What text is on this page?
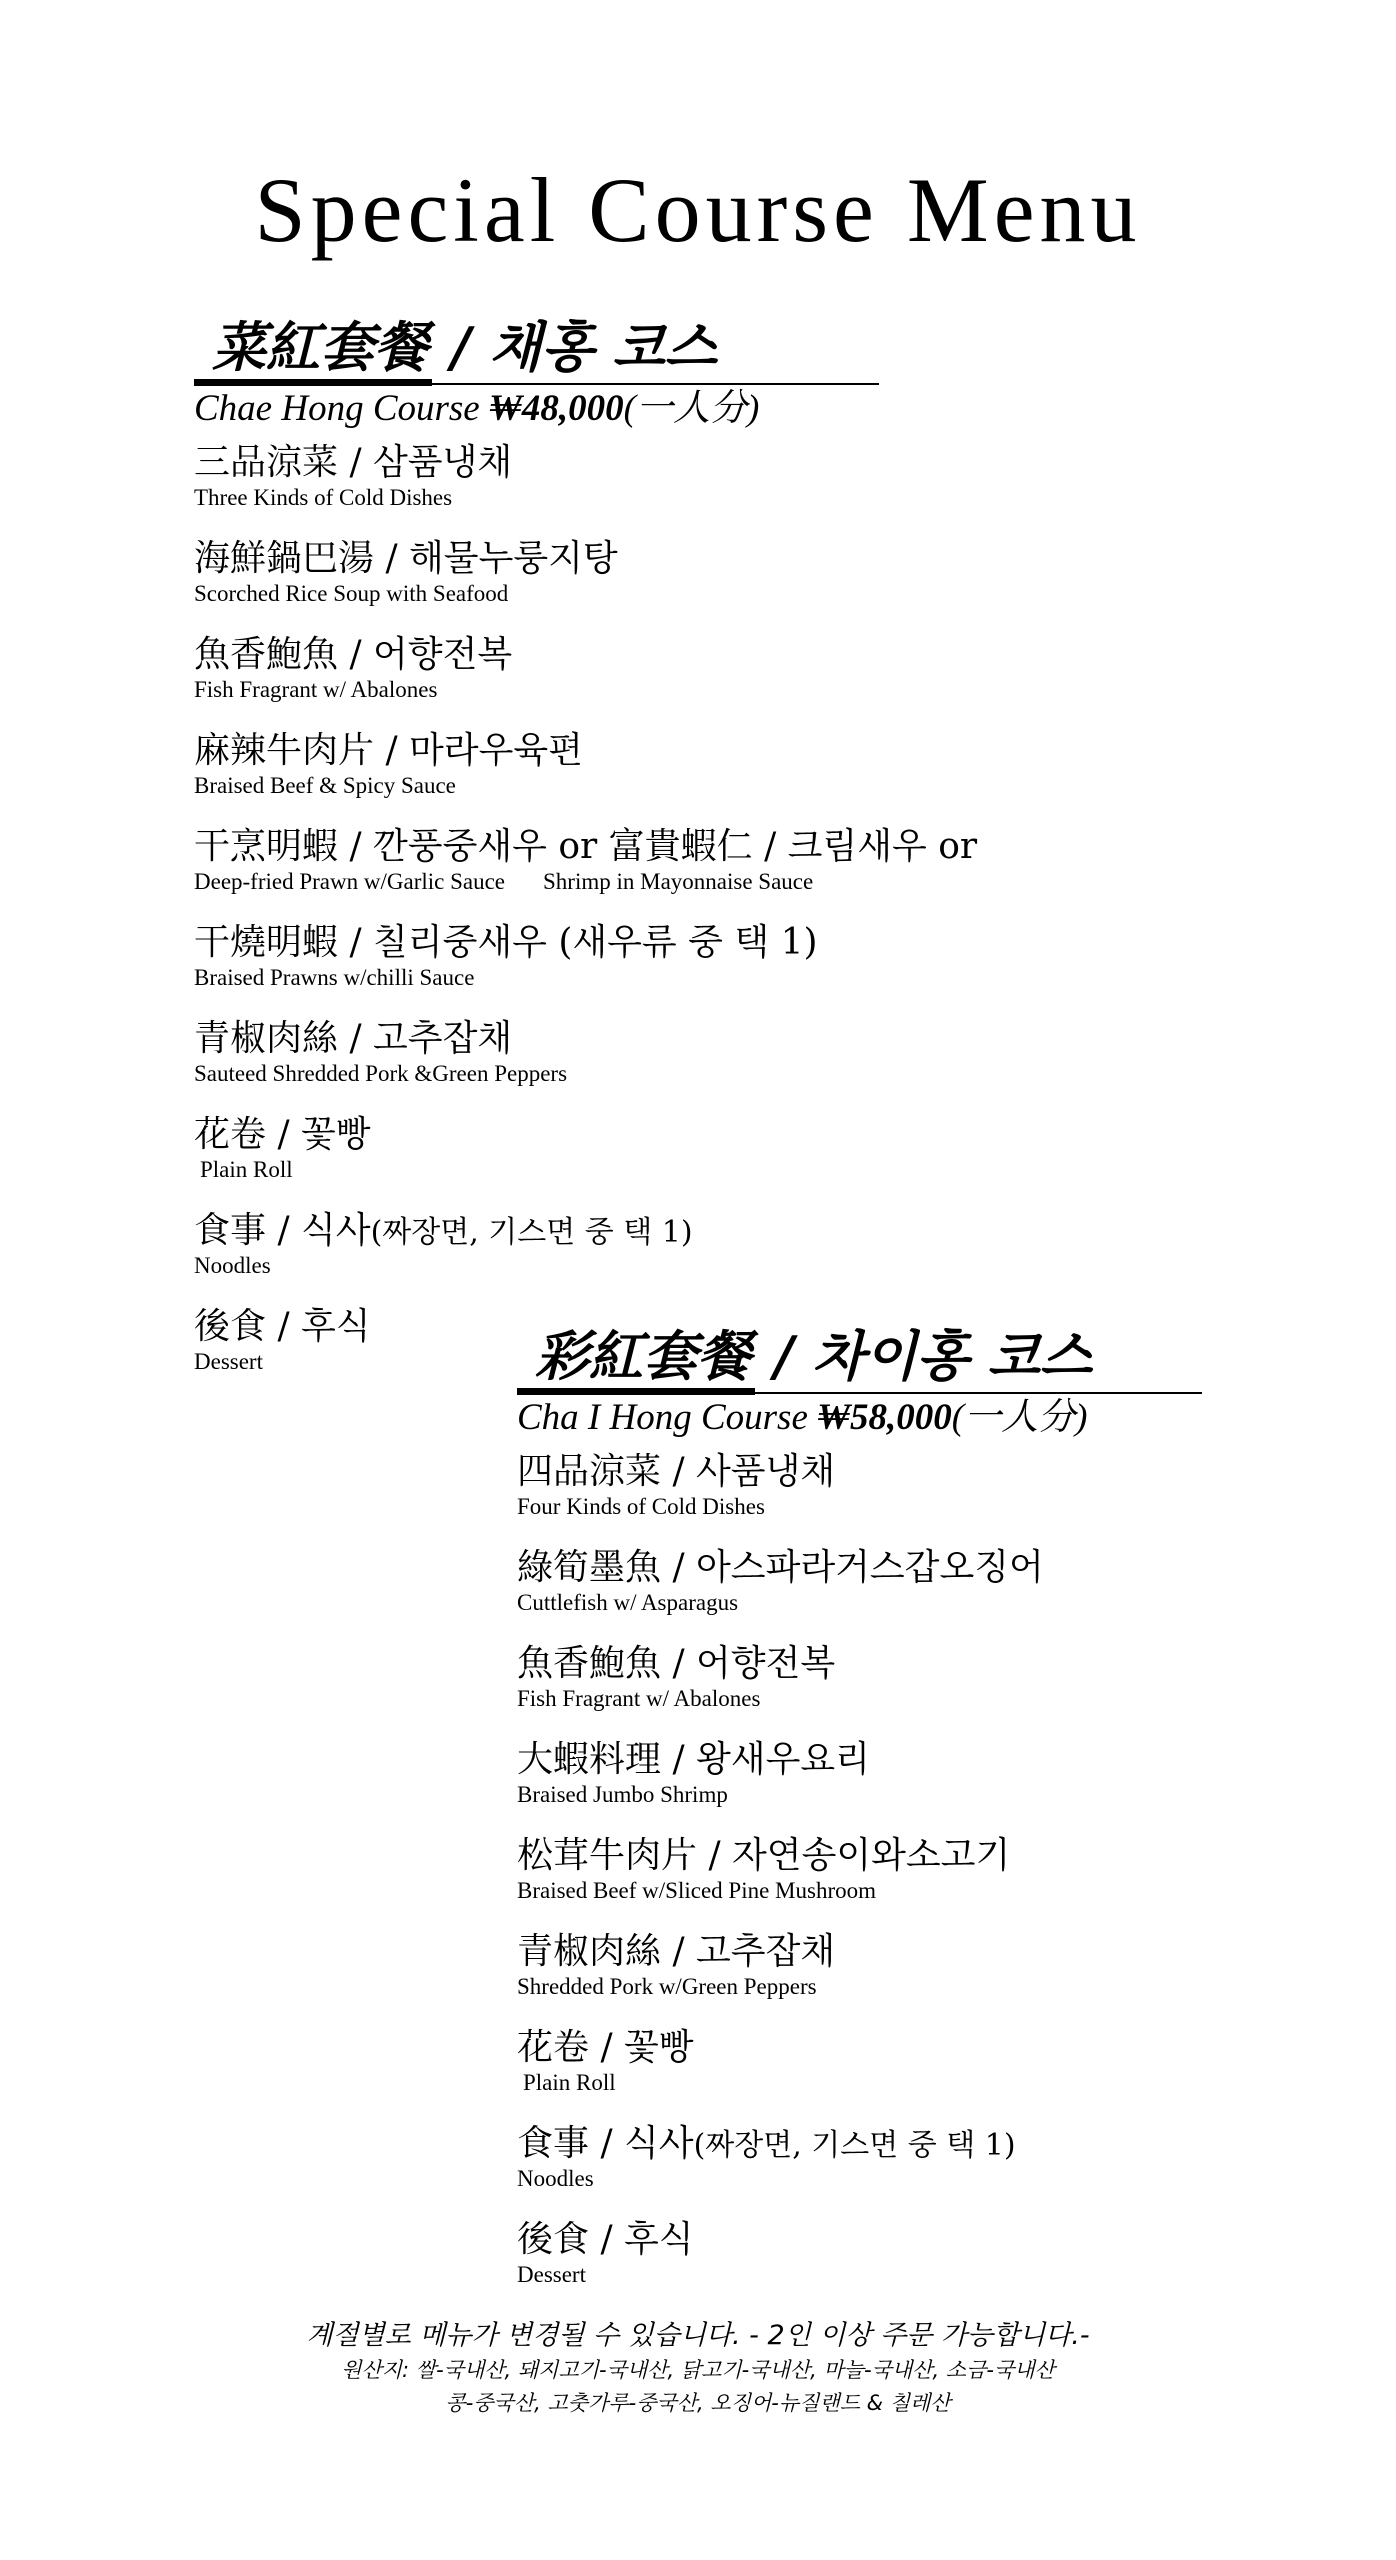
Special Course Menu
菜紅套餐 / 채홍 코스
Chae Hong Course ₩48,000(一人分)
三品涼菜 / 삼품냉채
Three Kinds of Cold Dishes
海鮮鍋巴湯 / 해물누룽지탕
Scorched Rice Soup with Seafood
魚香鮑魚 / 어향전복
Fish Fragrant w/ Abalones
麻辣牛肉片 / 마라우육편
Braised Beef & Spicy Sauce
干烹明蝦 / 깐풍중새우 or 富貴蝦仁 / 크림새우 or
Deep-fried Prawn w/Garlic Sauce Shrimp in Mayonnaise Sauce
干燒明蝦 / 칠리중새우 (새우류 중 택 1)
Braised Prawns w/chilli Sauce
青椒肉絲 / 고추잡채
Sauteed Shredded Pork &Green Peppers
花卷 / 꽃빵
Plain Roll
食事 / 식사(짜장면, 기스면 중 택 1)
Noodles
後食 / 후식
Dessert	彩紅套餐 / 차이홍 코스
Cha I Hong Course ₩58,000(一人分)
四品涼菜 / 사품냉채
Four Kinds of Cold Dishes
綠筍墨魚 / 아스파라거스갑오징어
Cuttlefish w/ Asparagus
魚香鮑魚 / 어향전복
Fish Fragrant w/ Abalones
大蝦料理 / 왕새우요리
Braised Jumbo Shrimp
松茸牛肉片 / 자연송이와소고기
Braised Beef w/Sliced Pine Mushroom
青椒肉絲 / 고추잡채
Shredded Pork w/Green Peppers
花卷 / 꽃빵
Plain Roll
食事 / 식사(짜장면, 기스면 중 택 1)
Noodles
後食 / 후식
Dessert
계절별로 메뉴가 변경될 수 있습니다. - 2인 이상 주문 가능합니다.-
원산지: 쌀-국내산, 돼지고기-국내산, 닭고기-국내산, 마늘-국내산, 소금-국내산
콩-중국산, 고춧가루-중국산, 오징어-뉴질랜드 & 칠레산
